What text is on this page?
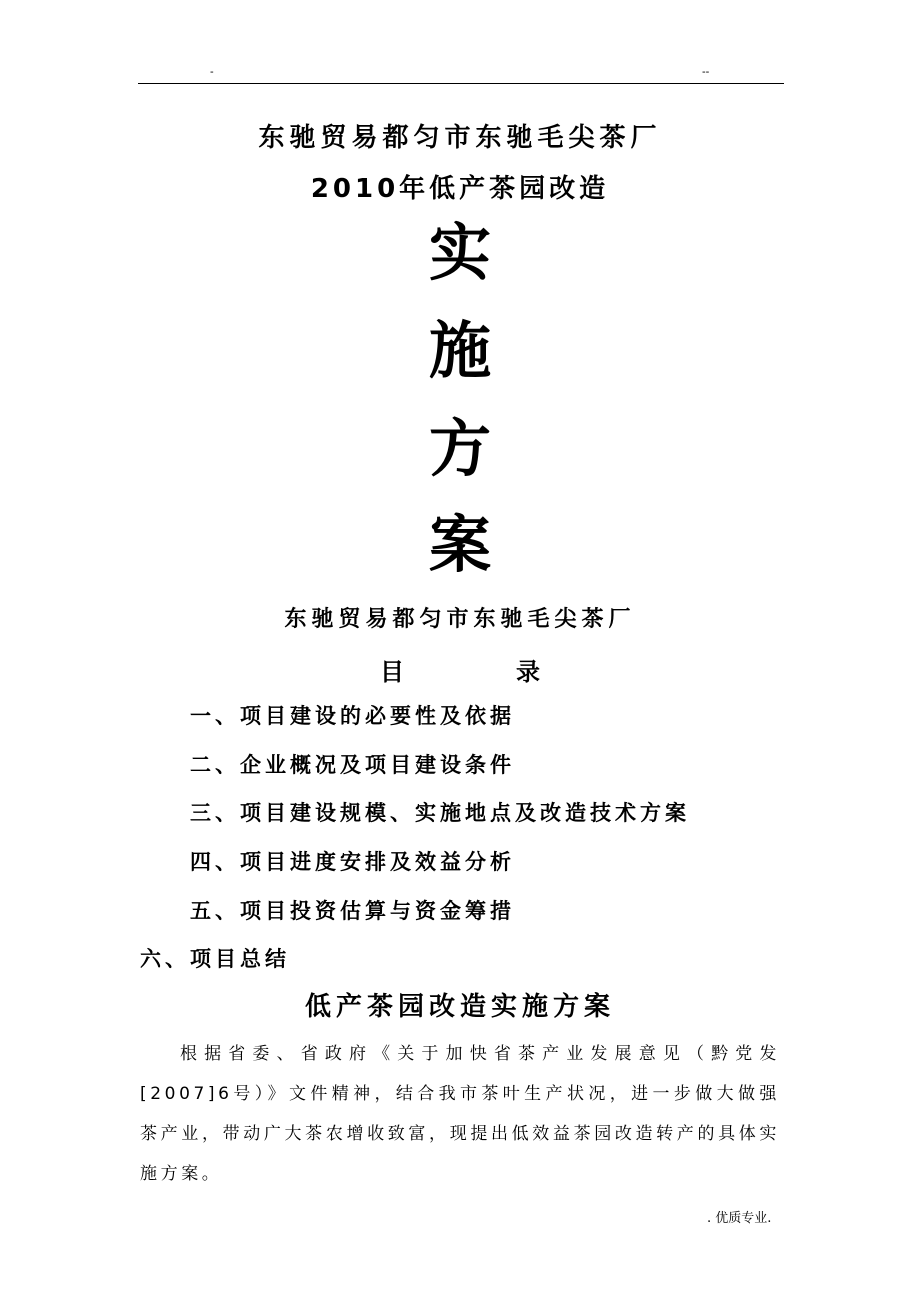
-	--
东驰贸易都匀市东驰毛尖茶厂
2010年低产茶园改造
实
施
方
案
东驰贸易都匀市东驰毛尖茶厂
目	录
一、项目建设的必要性及依据
二、企业概况及项目建设条件
三、项目建设规模、实施地点及改造技术方案
四、项目进度安排及效益分析
五、项目投资估算与资金筹措
六、项目总结
低产茶园改造实施方案
根据省委、省政府《关于加快省茶产业发展意见（黔党发[2007]6号）》文件精神，结合我市茶叶生产状况，进一步做大做强茶产业，带动广大茶农增收致富，现提出低效益茶园改造转产的具体实施方案。
. 优质专业.
